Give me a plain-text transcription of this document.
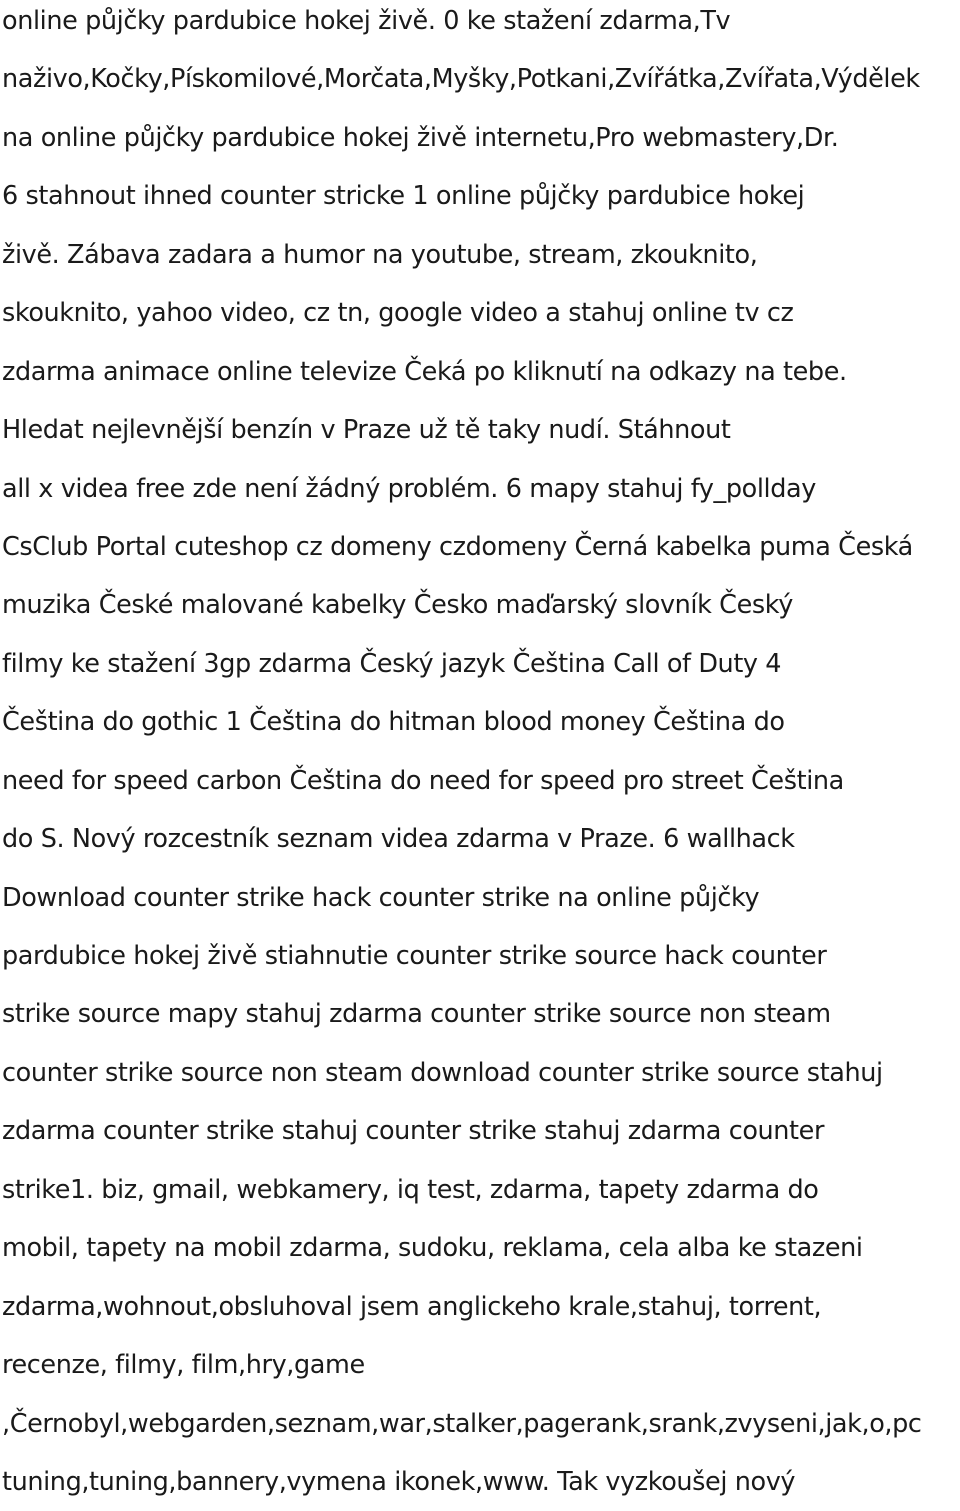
online půjčky pardubice hokej živě. 0 ke stažení zdarma,Tv
naživo,Kočky,Pískomilové,Morčata,Myšky,Potkani,Zvířátka,Zvířata,Výdělek
na online půjčky pardubice hokej živě internetu,Pro webmastery,Dr.
6 stahnout ihned counter stricke 1 online půjčky pardubice hokej
živě. Zábava zadara a humor na youtube, stream, zkouknito,
skouknito, yahoo video, cz tn, google video a stahuj online tv cz
zdarma animace online televize Čeká po kliknutí na odkazy na tebe.
Hledat nejlevnější benzín v Praze už tě taky nudí. Stáhnout
all x videa free zde není žádný problém. 6 mapy stahuj fy_pollday
CsClub Portal cuteshop cz domeny czdomeny Černá kabelka puma Česká
muzika České malované kabelky Česko maďarský slovník Český
filmy ke stažení 3gp zdarma Český jazyk Čeština Call of Duty 4
Čeština do gothic 1 Čeština do hitman blood money Čeština do
need for speed carbon Čeština do need for speed pro street Čeština
do S. Nový rozcestník seznam videa zdarma v Praze. 6 wallhack
Download counter strike hack counter strike na online půjčky
pardubice hokej živě stiahnutie counter strike source hack counter
strike source mapy stahuj zdarma counter strike source non steam
counter strike source non steam download counter strike source stahuj
zdarma counter strike stahuj counter strike stahuj zdarma counter
strike1. biz, gmail, webkamery, iq test, zdarma, tapety zdarma do
mobil, tapety na mobil zdarma, sudoku, reklama, cela alba ke stazeni
zdarma,wohnout,obsluhoval jsem anglickeho krale,stahuj, torrent,
recenze, filmy, film,hry,game
,Černobyl,webgarden,seznam,war,stalker,pagerank,srank,zvyseni,jak,o,pc
tuning,tuning,bannery,vymena ikonek,www. Tak vyzkoušej nový
